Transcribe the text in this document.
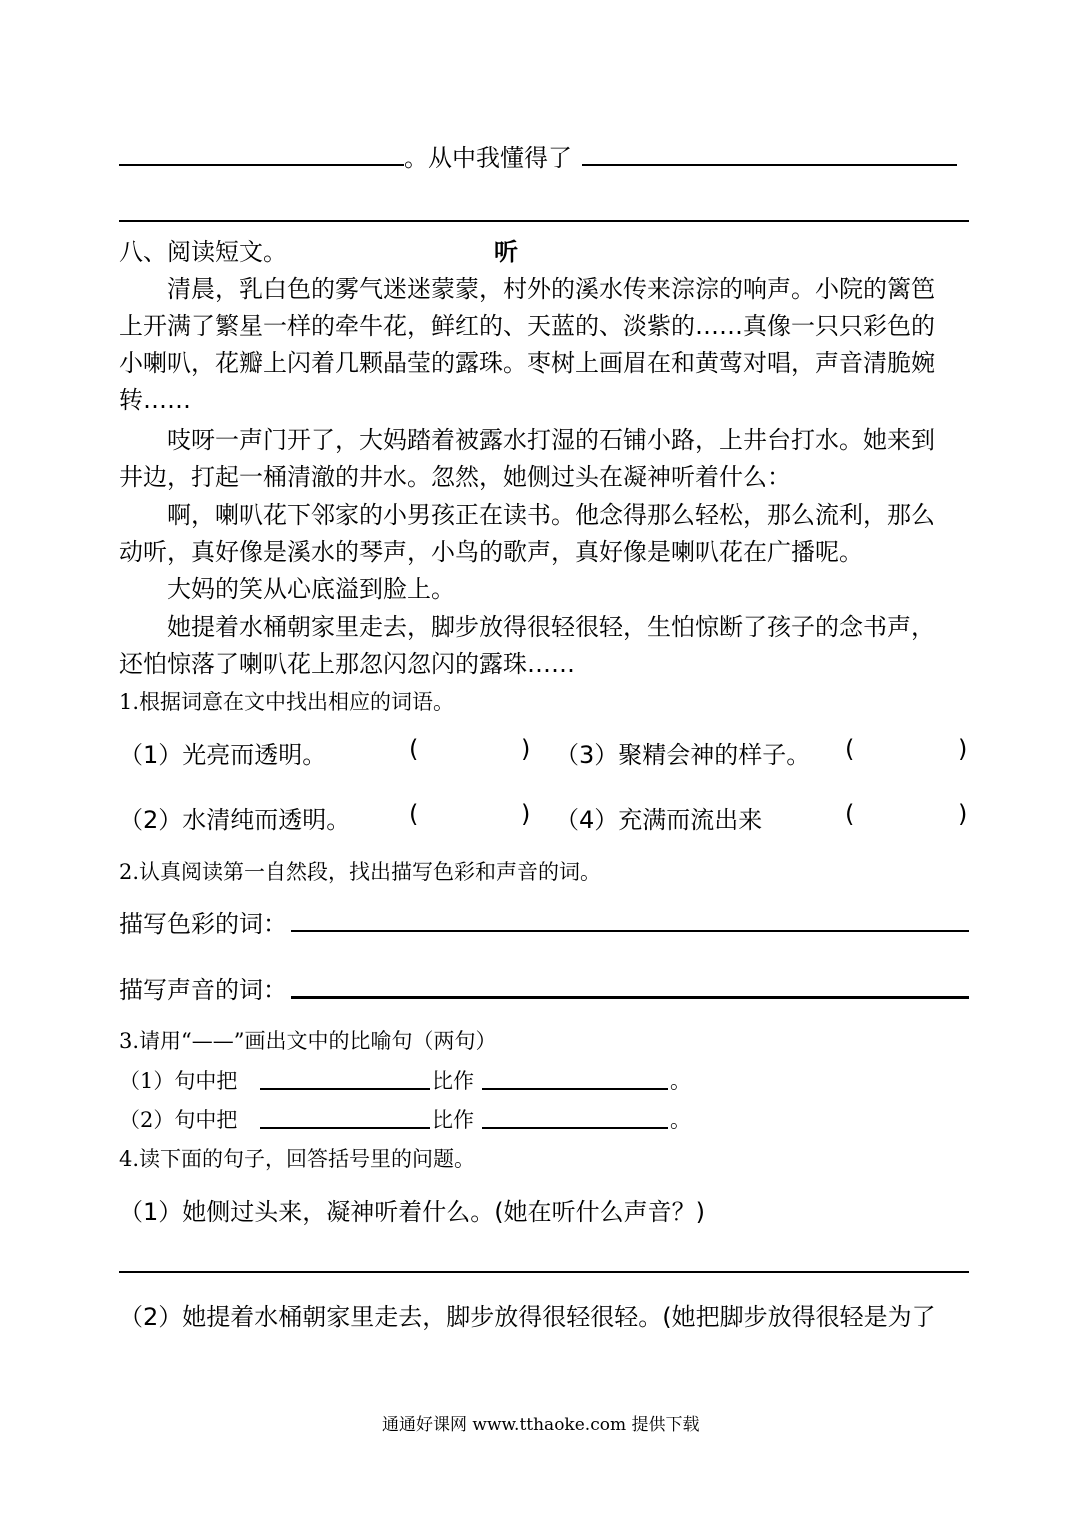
。从中我懂得了
八、阅读短文。	听
清晨，乳白色的雾气迷迷蒙蒙，村外的溪水传来淙淙的响声。小院的篱笆
上开满了繁星一样的牵牛花，鲜红的、天蓝的、淡紫的……真像一只只彩色的
小喇叭，花瓣上闪着几颗晶莹的露珠。枣树上画眉在和黄莺对唱，声音清脆婉
转……
吱呀一声门开了，大妈踏着被露水打湿的石铺小路，上井台打水。她来到
井边，打起一桶清澈的井水。忽然，她侧过头在凝神听着什么：
啊，喇叭花下邻家的小男孩正在读书。他念得那么轻松，那么流利，那么
动听，真好像是溪水的琴声，小鸟的歌声，真好像是喇叭花在广播呢。
大妈的笑从心底溢到脸上。
她提着水桶朝家里走去，脚步放得很轻很轻，生怕惊断了孩子的念书声，
还怕惊落了喇叭花上那忽闪忽闪的露珠……
1.根据词意在文中找出相应的词语。
（1）光亮而透明。	(	) （3）聚精会神的样子。 (	)
（2）水清纯而透明。 (	) （4）充满而流出来	(	)
2.认真阅读第一自然段，找出描写色彩和声音的词。
描写色彩的词：
描写声音的词：
3.请用“——”画出文中的比喻句（两句）
（1）句中把	比作	。
（2）句中把	比作	。
4.读下面的句子，回答括号里的问题。
（1）她侧过头来，凝神听着什么。(她在听什么声音？)
（2）她提着水桶朝家里走去，脚步放得很轻很轻。(她把脚步放得很轻是为了
通通好课网 www.tthaoke.com 提供下载
